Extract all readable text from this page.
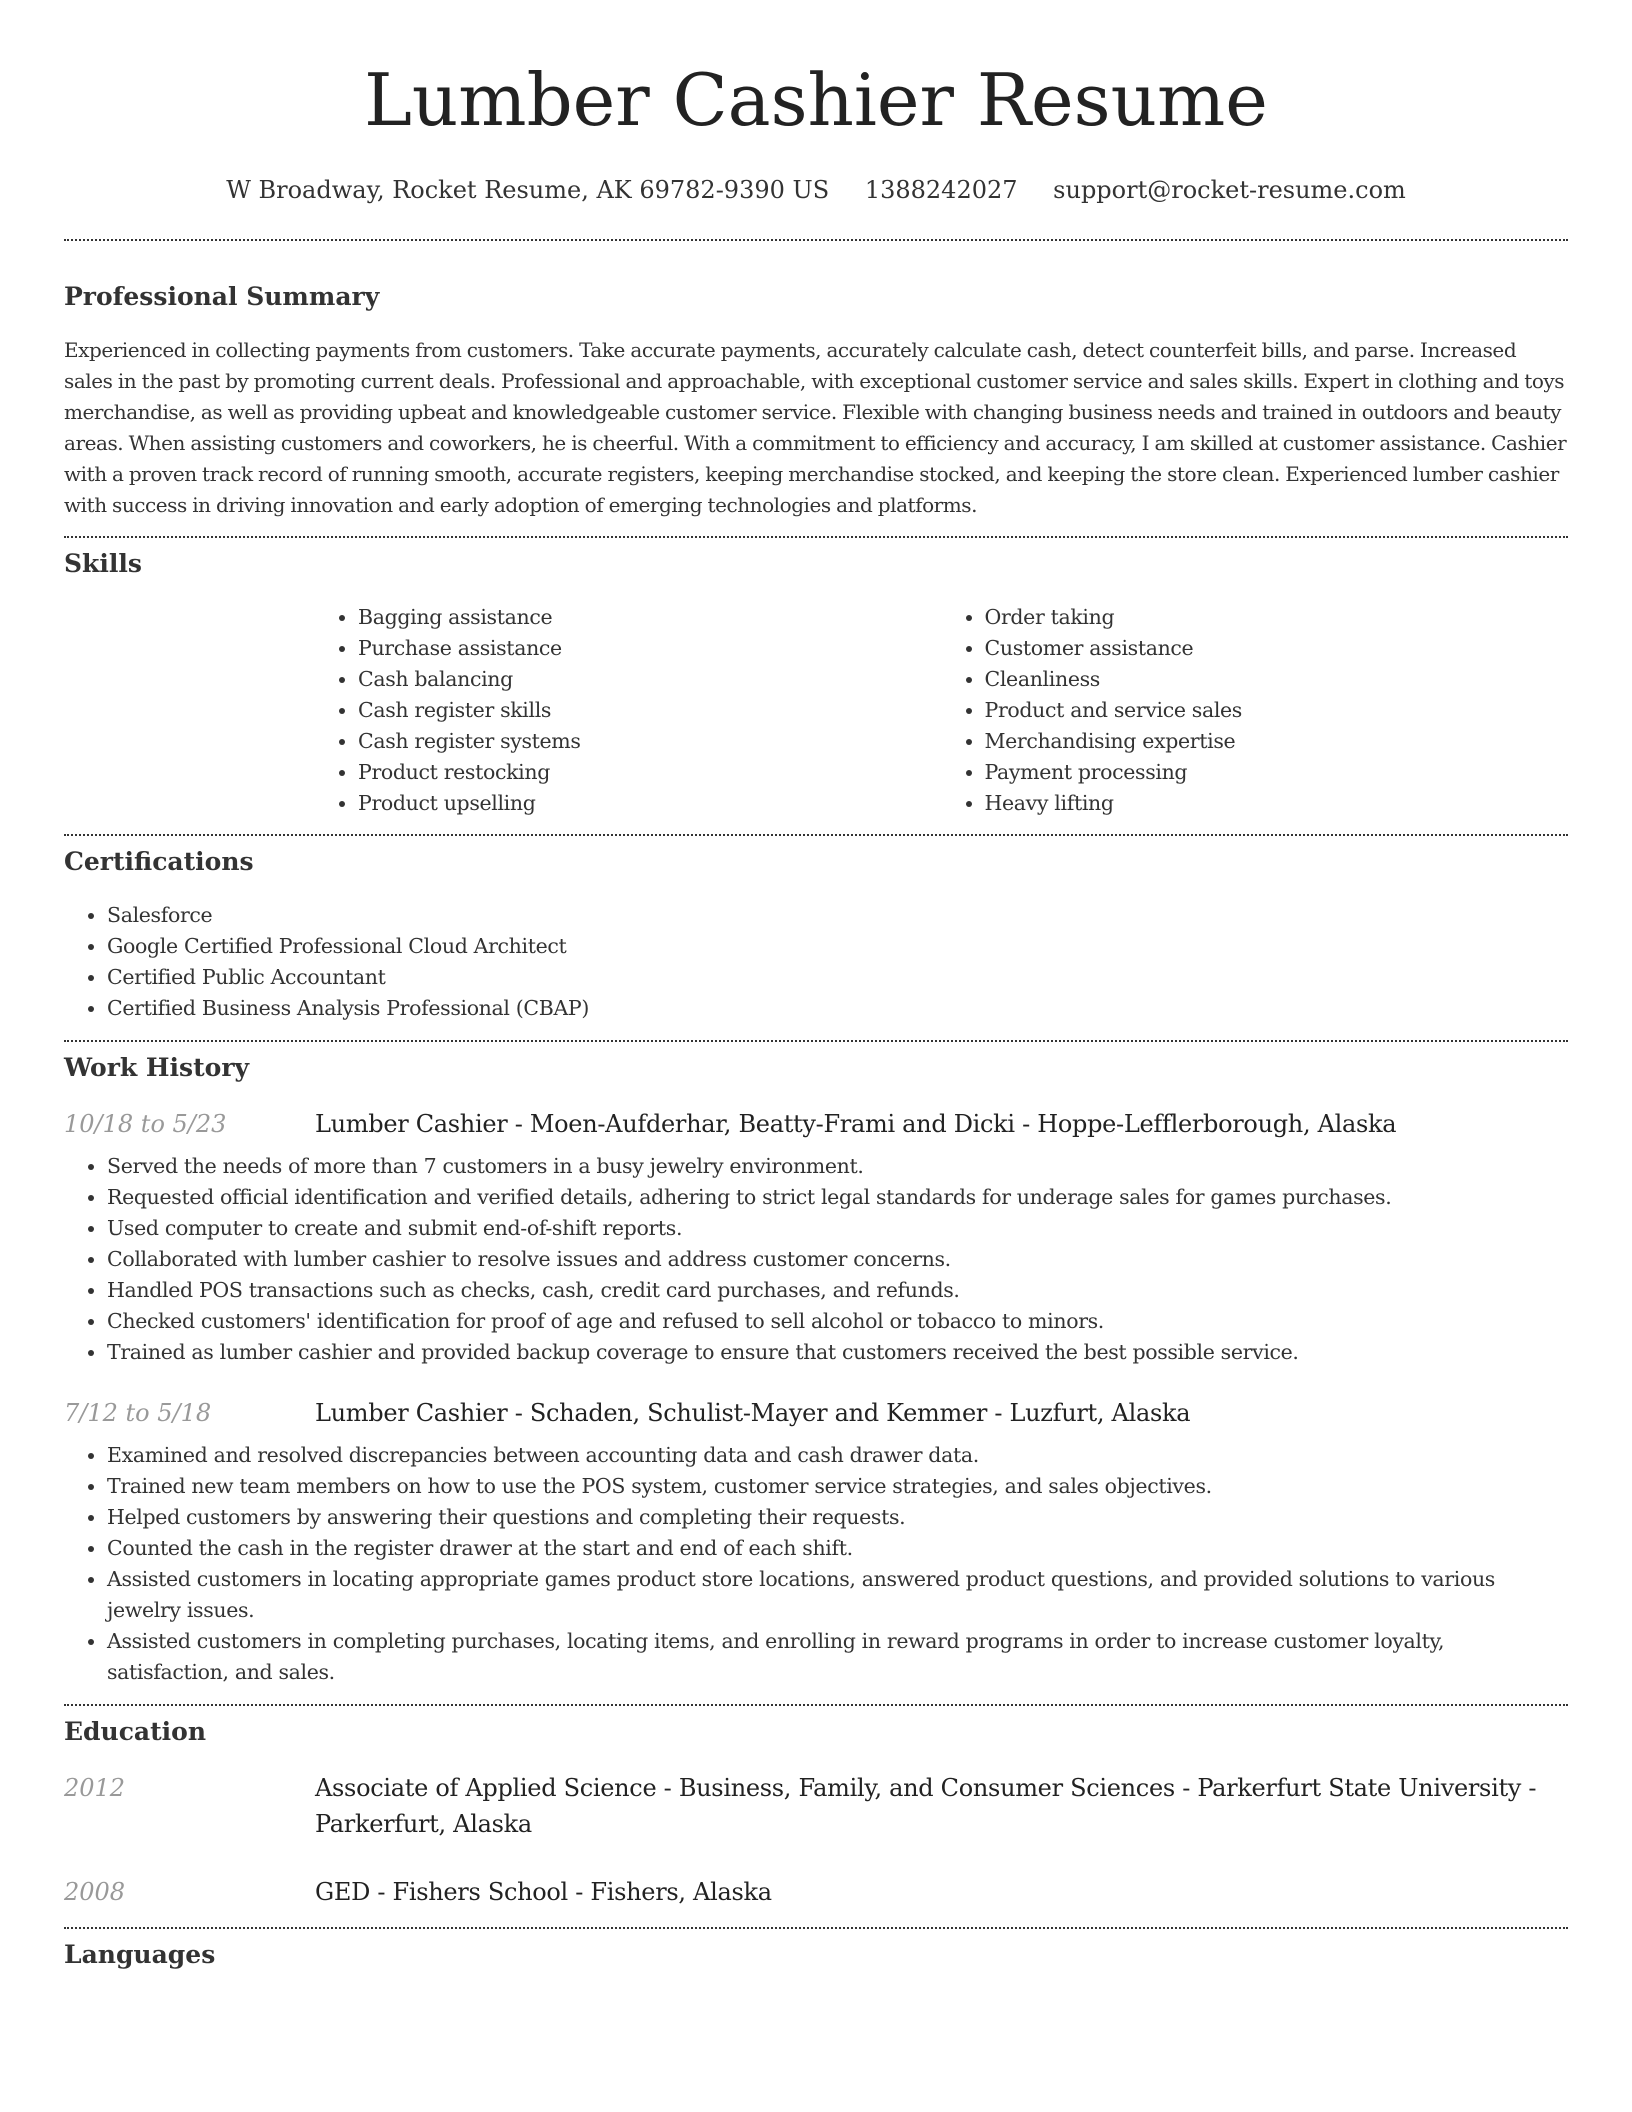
Lumber Cashier Resume
W Broadway, Rocket Resume, AK 69782-9390 US 1388242027 support@rocket-resume.com
Professional Summary

Experienced in collecting payments from customers. Take accurate payments, accurately calculate cash, detect counterfeit bills, and parse. Increased sales in the past by promoting current deals. Professional and approachable, with exceptional customer service and sales skills. Expert in clothing and toys merchandise, as well as providing upbeat and knowledgeable customer service. Flexible with changing business needs and trained in outdoors and beauty areas. When assisting customers and coworkers, he is cheerful. With a commitment to efficiency and accuracy, I am skilled at customer assistance. Cashier with a proven track record of running smooth, accurate registers, keeping merchandise stocked, and keeping the store clean. Experienced lumber cashier with success in driving innovation and early adoption of emerging technologies and platforms.

Skills
• Bagging assistance
• Purchase assistance
• Cash balancing
• Cash register skills
• Cash register systems
• Product restocking
• Product upselling
• Order taking
• Customer assistance
• Cleanliness
• Product and service sales
• Merchandising expertise
• Payment processing
• Heavy lifting
Certifications
• Salesforce
• Google Certified Professional Cloud Architect
• Certified Public Accountant
• Certified Business Analysis Professional (CBAP)
Work History
10/18 to 5/23	Lumber Cashier - Moen-Aufderhar, Beatty-Frami and Dicki - Hoppe-Lefflerborough, Alaska
• Served the needs of more than 7 customers in a busy jewelry environment.
• Requested official identification and verified details, adhering to strict legal standards for underage sales for games purchases.
• Used computer to create and submit end-of-shift reports.
• Collaborated with lumber cashier to resolve issues and address customer concerns.
• Handled POS transactions such as checks, cash, credit card purchases, and refunds.
• Checked customers' identification for proof of age and refused to sell alcohol or tobacco to minors.
• Trained as lumber cashier and provided backup coverage to ensure that customers received the best possible service.
7/12 to 5/18	Lumber Cashier - Schaden, Schulist-Mayer and Kemmer - Luzfurt, Alaska
• Examined and resolved discrepancies between accounting data and cash drawer data.
• Trained new team members on how to use the POS system, customer service strategies, and sales objectives.
• Helped customers by answering their questions and completing their requests.
• Counted the cash in the register drawer at the start and end of each shift.
• Assisted customers in locating appropriate games product store locations, answered product questions, and provided solutions to various jewelry issues.
• Assisted customers in completing purchases, locating items, and enrolling in reward programs in order to increase customer loyalty, satisfaction, and sales.
Education
2012	Associate of Applied Science - Business, Family, and Consumer Sciences - Parkerfurt State University - Parkerfurt, Alaska
2008	GED - Fishers School - Fishers, Alaska
Languages
